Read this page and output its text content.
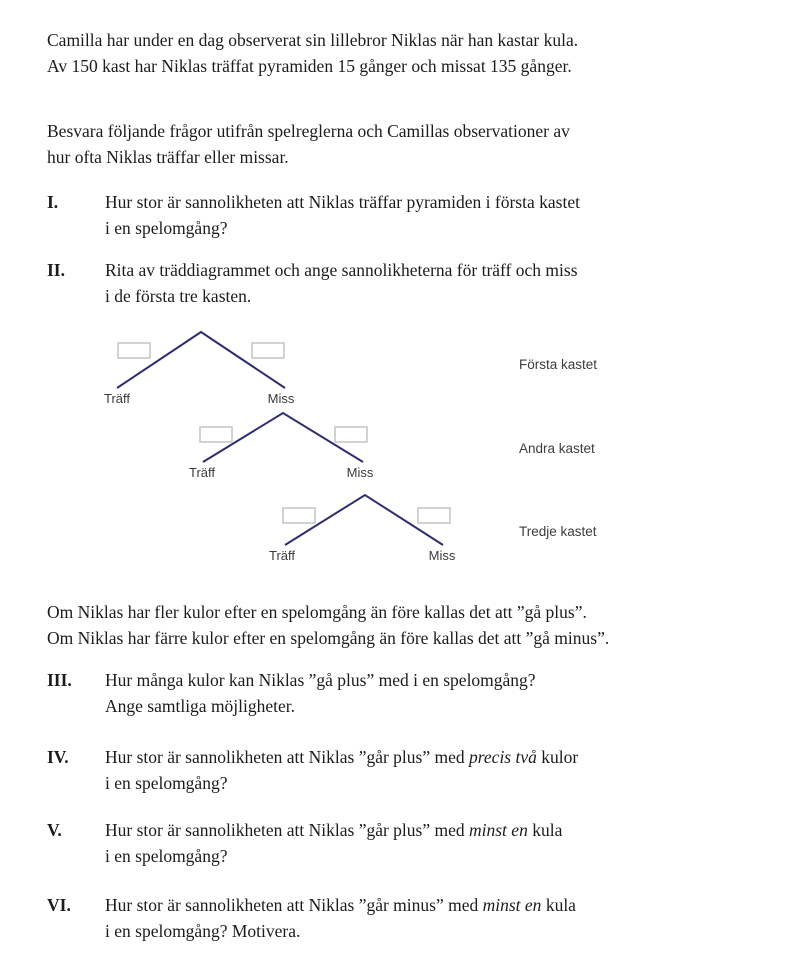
Camilla har under en dag observerat sin lillebror Niklas när han kastar kula.
Av 150 kast har Niklas träffat pyramiden 15 gånger och missat 135 gånger.
Besvara följande frågor utifrån spelreglerna och Camillas observationer av
hur ofta Niklas träffar eller missar.
I.	Hur stor är sannolikheten att Niklas träffar pyramiden i första kastet
i en spelomgång?
II. Rita av träddiagrammet och ange sannolikheterna för träff och miss
i de första tre kasten.
Träff	Miss
Träff	Miss
Träff	Miss
Första kastet
Andra kastet
Tredje kastet
Om Niklas har fler kulor efter en spelomgång än före kallas det att ”gå plus”.
Om Niklas har färre kulor efter en spelomgång än före kallas det att ”gå minus”.
III. Hur många kulor kan Niklas ”gå plus” med i en spelomgång?
Ange samtliga möjligheter.
IV. Hur stor är sannolikheten att Niklas ”går plus” med precis två kulor
i en spelomgång?
V. Hur stor är sannolikheten att Niklas ”går plus” med minst en kula
i en spelomgång?
VI. Hur stor är sannolikheten att Niklas ”går minus” med minst en kula
i en spelomgång? Motivera.
